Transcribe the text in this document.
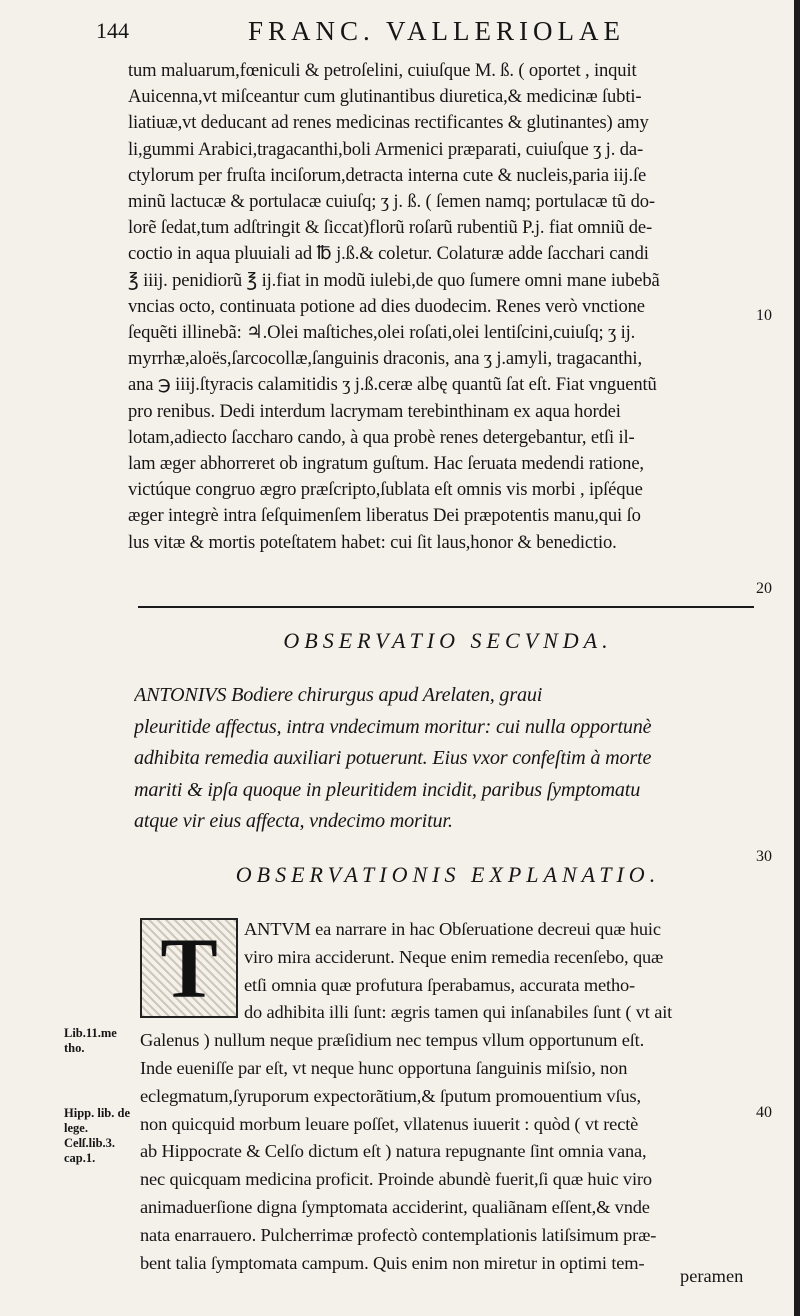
144	FRANC. VALLERIOLAE
tum maluarum,fœniculi & petroſelini, cuiuſque M. ß. ( oportet , inquit
Auicenna,vt miſceantur cum glutinantibus diuretica,& medicinæ ſubti-
liatiuæ,vt deducant ad renes medicinas rectificantes & glutinantes) amy
li,gummi Arabici,tragacanthi,boli Armenici præparati, cuiuſque ʒ j. da-
ctylorum per fruſta inciſorum,detracta interna cute & nucleis,paria iij.ſe
minũ lactucæ & portulacæ cuiuſq; ʒ j. ß. ( ſemen namq; portulacæ tũ do-
lorẽ ſedat,tum adſtringit & ſiccat)florũ roſarũ rubentiũ P.j. fiat omniũ de-
coctio in aqua pluuiali ad ℔ j.ß.& coletur. Colaturæ adde ſacchari candi
℥ iiij. penidiorũ ℥ ij.fiat in modũ iulebi,de quo ſumere omni mane iubebã
vncias octo, continuata potione ad dies duodecim. Renes verò vnctione
ſequẽti illinebã: ♃.Olei maſtiches,olei roſati,olei lentiſcini,cuiuſq; ʒ ij.
myrrhæ,aloës,ſarcocollæ,ſanguinis draconis, ana ʒ j.amyli, tragacanthi,
ana ℈ iiij.ſtyracis calamitidis ʒ j.ß.ceræ albę quantũ ſat eſt. Fiat vnguentũ
pro renibus. Dedi interdum lacrymam terebinthinam ex aqua hordei
lotam,adiecto ſaccharo cando, à qua probè renes detergebantur, etſi il-
lam æger abhorreret ob ingratum guſtum. Hac ſeruata medendi ratione,
victúque congruo ægro præſcripto,ſublata eſt omnis vis morbi , ipſéque
æger integrè intra ſeſquimenſem liberatus Dei præpotentis manu,qui ſo
lus vitæ & mortis poteſtatem habet: cui ſit laus,honor & benedictio.
10
20
30
40
OBSERVATIO SECVNDA.
ANTONIVS Bodiere chirurgus apud Arelaten, graui
pleuritide affectus, intra vndecimum moritur: cui nulla opportunè
adhibita remedia auxiliari potuerunt. Eius vxor confeſtim à morte
mariti & ipſa quoque in pleuritidem incidit, paribus ſymptomatu
atque vir eius affecta, vndecimo moritur.
OBSERVATIONIS EXPLANATIO.
T	ANTVM ea narrare in hac Obſeruatione decreui quæ huic
viro mira acciderunt. Neque enim remedia recenſebo, quæ
etſi omnia quæ profutura ſperabamus, accurata metho-
do adhibita illi ſunt: ægris tamen qui inſanabiles ſunt ( vt ait
Galenus ) nullum neque præſidium nec tempus vllum opportunum eſt.
Inde eueniſſe par eſt, vt neque hunc opportuna ſanguinis miſsio, non
eclegmatum,ſyruporum expectorãtium,& ſputum promouentium vſus,
non quicquid morbum leuare poſſet, vllatenus iuuerit : quòd ( vt rectè
ab Hippocrate & Celſo dictum eſt ) natura repugnante ſint omnia vana,
nec quicquam medicina proficit. Proinde abundè fuerit,ſi quæ huic viro
animaduerſione digna ſymptomata acciderint, qualiãnam eſſent,& vnde
nata enarrauero. Pulcherrimæ profectò contemplationis latiſsimum præ-
bent talia ſymptomata campum. Quis enim non miretur in optimi tem-
Lib.11.me tho.
Hipp. lib. de lege. Celſ.lib.3. cap.1.
peramen
